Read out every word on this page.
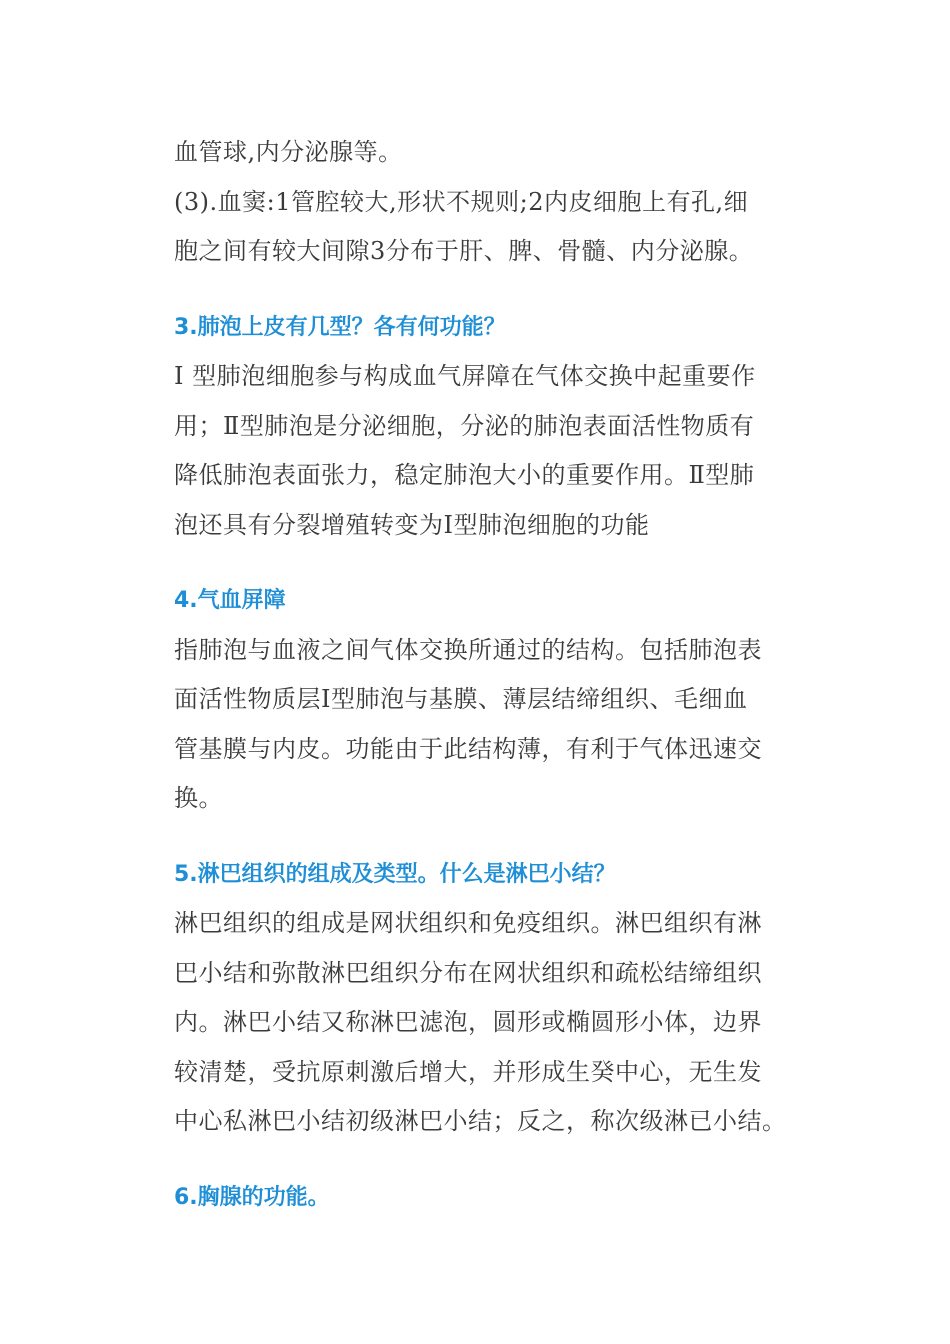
血管球,内分泌腺等。
(3).血窦:1管腔较大,形状不规则;2内皮细胞上有孔,细
胞之间有较大间隙3分布于肝、脾、骨髓、内分泌腺。

3.肺泡上皮有几型？各有何功能？

Ⅰ 型肺泡细胞参与构成血气屏障在气体交换中起重要作
用；Ⅱ型肺泡是分泌细胞，分泌的肺泡表面活性物质有
降低肺泡表面张力，稳定肺泡大小的重要作用。Ⅱ型肺
泡还具有分裂增殖转变为Ⅰ型肺泡细胞的功能

4.气血屏障

指肺泡与血液之间气体交换所通过的结构。包括肺泡表
面活性物质层Ⅰ型肺泡与基膜、薄层结缔组织、毛细血
管基膜与内皮。功能由于此结构薄，有利于气体迅速交
换。

5.淋巴组织的组成及类型。什么是淋巴小结？

淋巴组织的组成是网状组织和免疫组织。淋巴组织有淋
巴小结和弥散淋巴组织分布在网状组织和疏松结缔组织
内。淋巴小结又称淋巴滤泡，圆形或椭圆形小体，边界
较清楚，受抗原刺激后增大，并形成生癸中心，无生发
中心私淋巴小结初级淋巴小结；反之，称次级淋已小结。

6.胸腺的功能。
